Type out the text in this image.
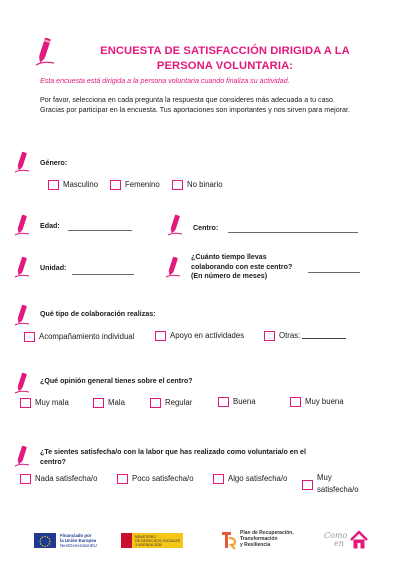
ENCUESTA DE SATISFACCIÓN DIRIGIDA A LA
PERSONA VOLUNTARIA:
Esta encuesta está dirigida a la persona voluntaria cuando finaliza su actividad.

Por favor, selecciona en cada pregunta la respuesta que consideres más adecuada a tu caso.

Gracias por participar en la encuesta. Tus aportaciones son importantes y nos sirven para mejorar.

Género:
Masculino	Femenino	No binario
Edad:	Centro:
Unidad:
¿Cuánto tiempo llevas
colaborando con este centro?
(En número de meses)
Qué tipo de colaboración realizas:
Acompañamiento individual	Apoyo en actividades	Otras:
¿Qué opinión general tienes sobre el centro?
Muy mala	Mala	Regular	Buena	Muy buena
¿Te sientes satisfecha/o con la labor que has realizado como voluntaria/o en el
centro?
Nada satisfecha/o	Poco satisfecha/o	Algo satisfecha/o	Muy
satisfecha/o
Financiado por
la Unión Europea
NextGenerationEU
MINISTERIO
DE DERECHOS SOCIALES
Y AGENDA 2030
Plan de Recuperación,
Transformación
y Resiliencia
Como
en
